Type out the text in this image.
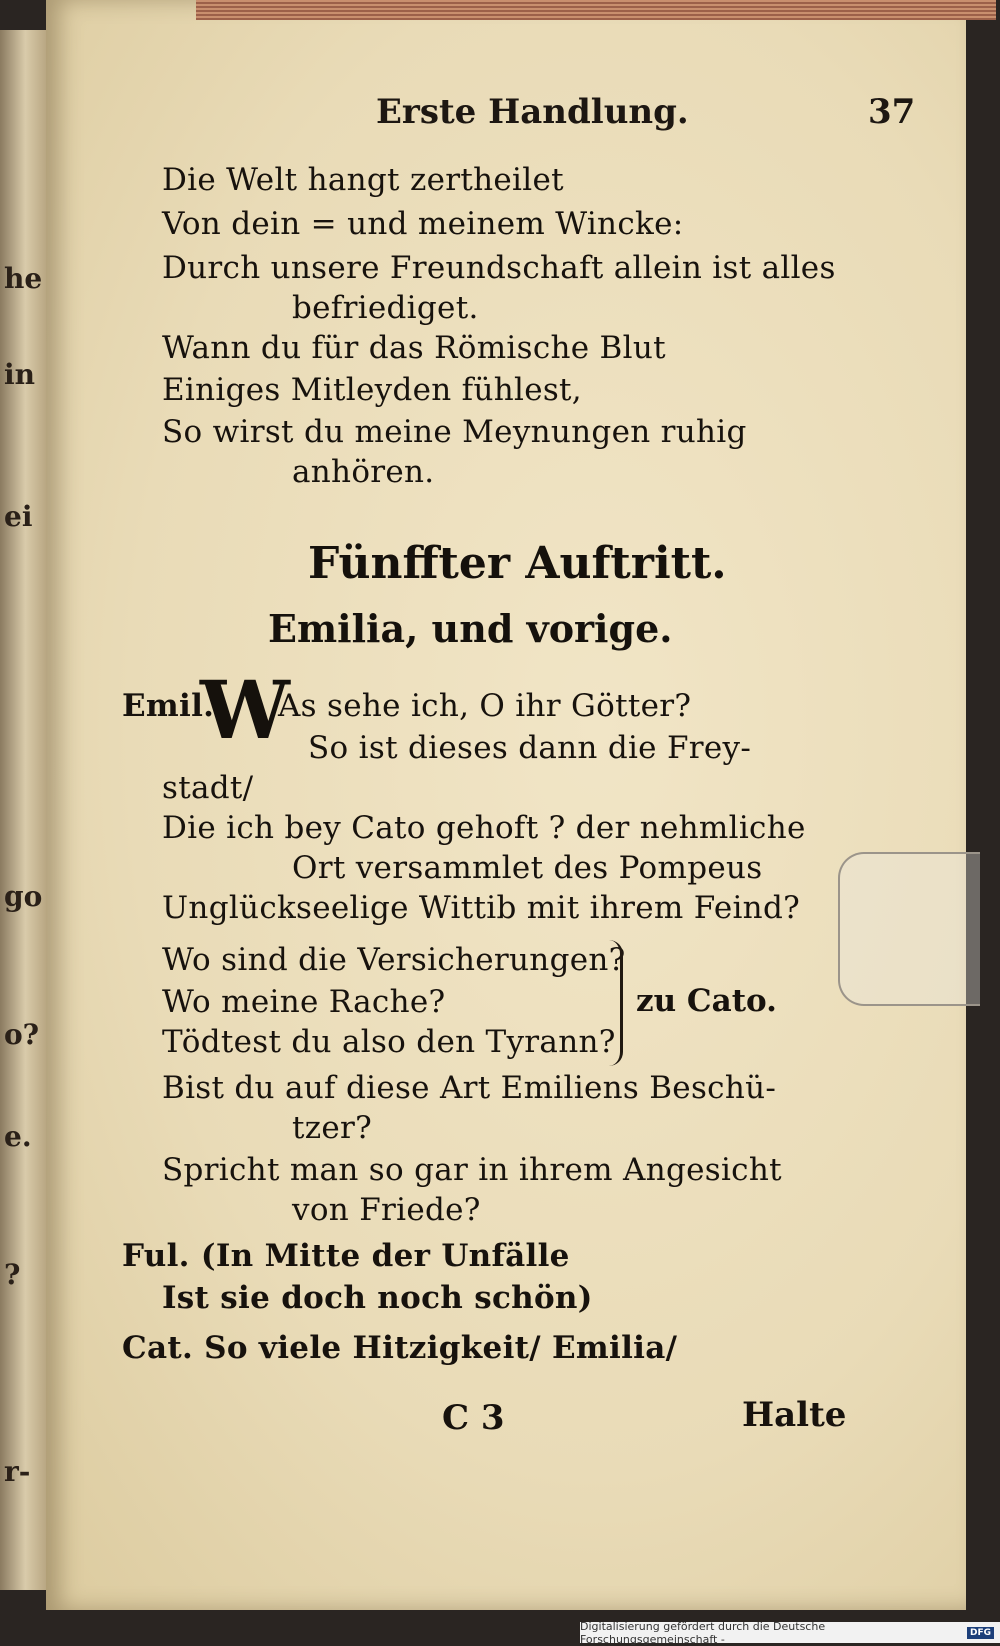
he
in
ei
go
o?
e.
?
r-
Erste Handlung.	37
Die Welt hangt zertheilet
Von dein = und meinem Wincke:
Durch unsere Freundschaft allein ist alles
befriediget.
Wann du für das Römische Blut
Einiges Mitleyden fühlest,
So wirst du meine Meynungen ruhig
anhören.
Fünffter Auftritt.
Emilia, und vorige.
Emil.
W
As sehe ich, O ihr Götter?
So ist dieses dann die Frey-
stadt/
Die ich bey Cato gehoft ? der nehmliche
Ort versammlet des Pompeus
Unglückseelige Wittib mit ihrem Feind?
Wo sind die Versicherungen?
Wo meine Rache?
Tödtest du also den Tyrann?
zu Cato.
Bist du auf diese Art Emiliens Beschü-
tzer?
Spricht man so gar in ihrem Angesicht
von Friede?
Ful. (In Mitte der Unfälle
Ist sie doch noch schön)
Cat. So viele Hitzigkeit/ Emilia/
C 3	Halte
Digitalisierung gefördert durch die Deutsche Forschungsgemeinschaft -	DFG
